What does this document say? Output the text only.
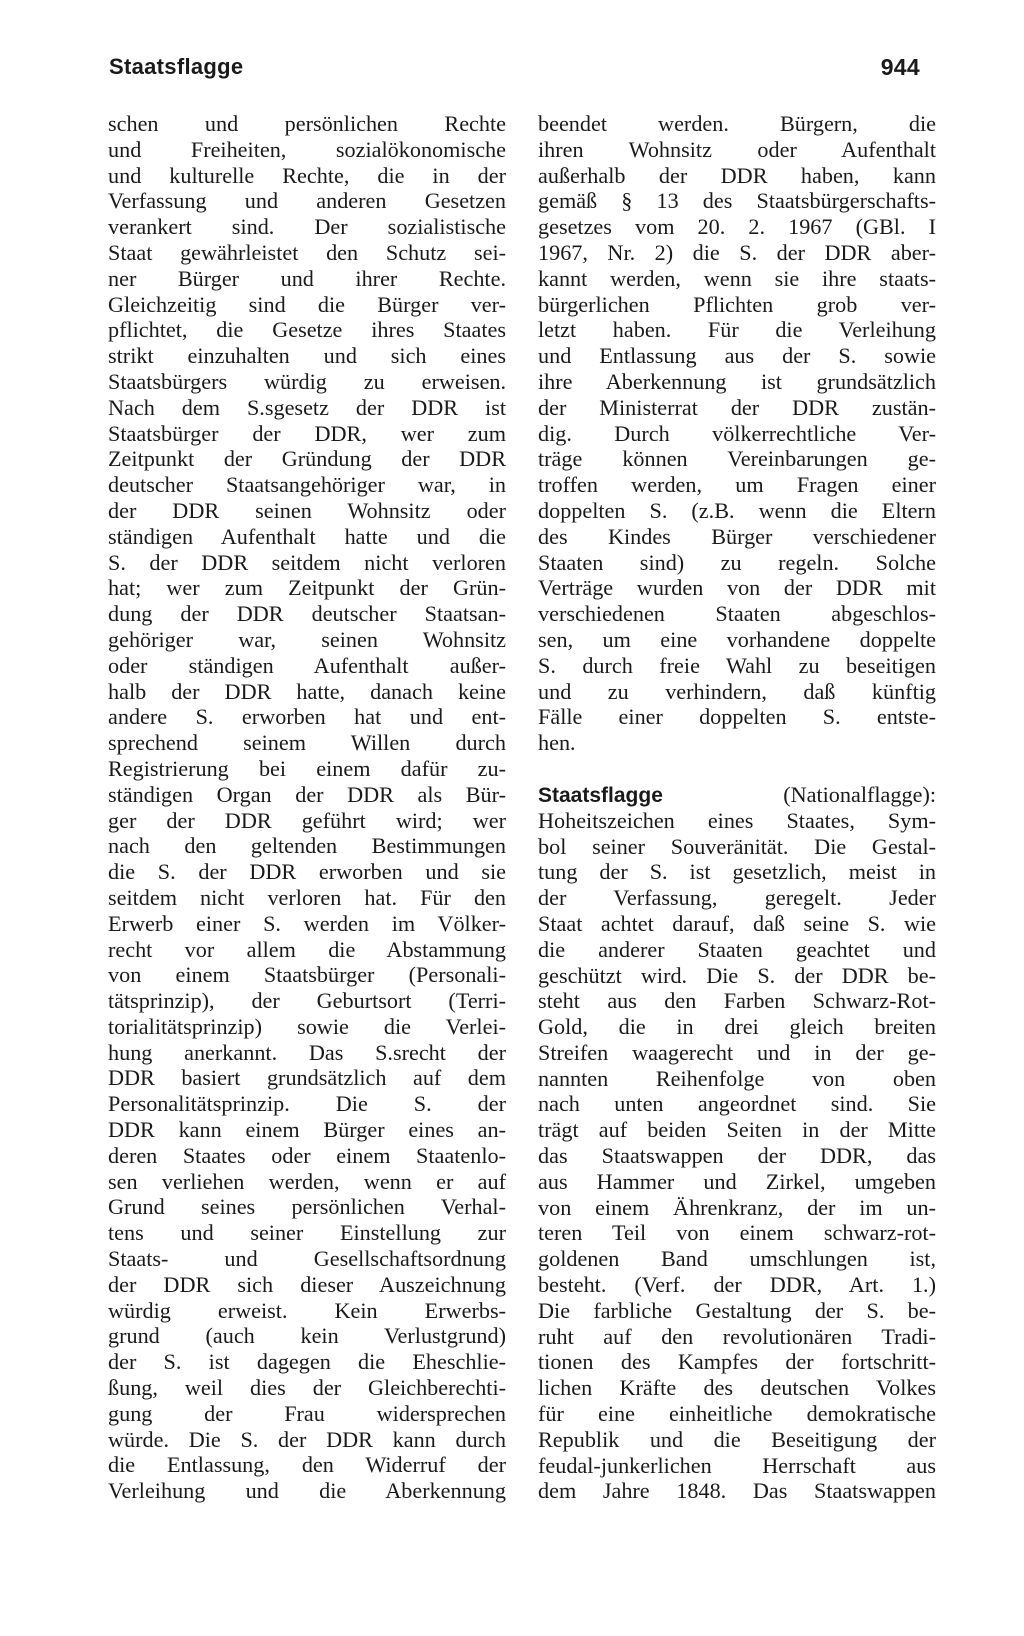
Staatsflagge	944
schen und persönlichen Rechte
und Freiheiten, sozialökonomische
und kulturelle Rechte, die in der
Verfassung und anderen Gesetzen
verankert sind. Der sozialistische
Staat gewährleistet den Schutz sei-
ner Bürger und ihrer Rechte.
Gleichzeitig sind die Bürger ver-
pflichtet, die Gesetze ihres Staates
strikt einzuhalten und sich eines
Staatsbürgers würdig zu erweisen.
Nach dem S.sgesetz der DDR ist
Staatsbürger der DDR, wer zum
Zeitpunkt der Gründung der DDR
deutscher Staatsangehöriger war, in
der DDR seinen Wohnsitz oder
ständigen Aufenthalt hatte und die
S. der DDR seitdem nicht verloren
hat; wer zum Zeitpunkt der Grün-
dung der DDR deutscher Staatsan-
gehöriger war, seinen Wohnsitz
oder ständigen Aufenthalt außer-
halb der DDR hatte, danach keine
andere S. erworben hat und ent-
sprechend seinem Willen durch
Registrierung bei einem dafür zu-
ständigen Organ der DDR als Bür-
ger der DDR geführt wird; wer
nach den geltenden Bestimmungen
die S. der DDR erworben und sie
seitdem nicht verloren hat. Für den
Erwerb einer S. werden im Völker-
recht vor allem die Abstammung
von einem Staatsbürger (Personali-
tätsprinzip), der Geburtsort (Terri-
torialitätsprinzip) sowie die Verlei-
hung anerkannt. Das S.srecht der
DDR basiert grundsätzlich auf dem
Personalitätsprinzip. Die S. der
DDR kann einem Bürger eines an-
deren Staates oder einem Staatenlo-
sen verliehen werden, wenn er auf
Grund seines persönlichen Verhal-
tens und seiner Einstellung zur
Staats- und Gesellschaftsordnung
der DDR sich dieser Auszeichnung
würdig erweist. Kein Erwerbs-
grund (auch kein Verlustgrund)
der S. ist dagegen die Eheschlie-
ßung, weil dies der Gleichberechti-
gung der Frau widersprechen
würde. Die S. der DDR kann durch
die Entlassung, den Widerruf der
Verleihung und die Aberkennung
beendet werden. Bürgern, die
ihren Wohnsitz oder Aufenthalt
außerhalb der DDR haben, kann
gemäß § 13 des Staatsbürgerschafts-
gesetzes vom 20. 2. 1967 (GBl. I
1967, Nr. 2) die S. der DDR aber-
kannt werden, wenn sie ihre staats-
bürgerlichen Pflichten grob ver-
letzt haben. Für die Verleihung
und Entlassung aus der S. sowie
ihre Aberkennung ist grundsätzlich
der Ministerrat der DDR zustän-
dig. Durch völkerrechtliche Ver-
träge können Vereinbarungen ge-
troffen werden, um Fragen einer
doppelten S. (z.B. wenn die Eltern
des Kindes Bürger verschiedener
Staaten sind) zu regeln. Solche
Verträge wurden von der DDR mit
verschiedenen Staaten abgeschlos-
sen, um eine vorhandene doppelte
S. durch freie Wahl zu beseitigen
und zu verhindern, daß künftig
Fälle einer doppelten S. entste-
hen.
Staatsflagge	(Nationalflagge):
Hoheitszeichen eines Staates, Sym-
bol seiner Souveränität. Die Gestal-
tung der S. ist gesetzlich, meist in
der Verfassung, geregelt. Jeder
Staat achtet darauf, daß seine S. wie
die anderer Staaten geachtet und
geschützt wird. Die S. der DDR be-
steht aus den Farben Schwarz-Rot-
Gold, die in drei gleich breiten
Streifen waagerecht und in der ge-
nannten Reihenfolge von oben
nach unten angeordnet sind. Sie
trägt auf beiden Seiten in der Mitte
das Staatswappen der DDR, das
aus Hammer und Zirkel, umgeben
von einem Ährenkranz, der im un-
teren Teil von einem schwarz-rot-
goldenen Band umschlungen ist,
besteht. (Verf. der DDR, Art. 1.)
Die farbliche Gestaltung der S. be-
ruht auf den revolutionären Tradi-
tionen des Kampfes der fortschritt-
lichen Kräfte des deutschen Volkes
für eine einheitliche demokratische
Republik und die Beseitigung der
feudal-junkerlichen Herrschaft aus
dem Jahre 1848. Das Staatswappen
